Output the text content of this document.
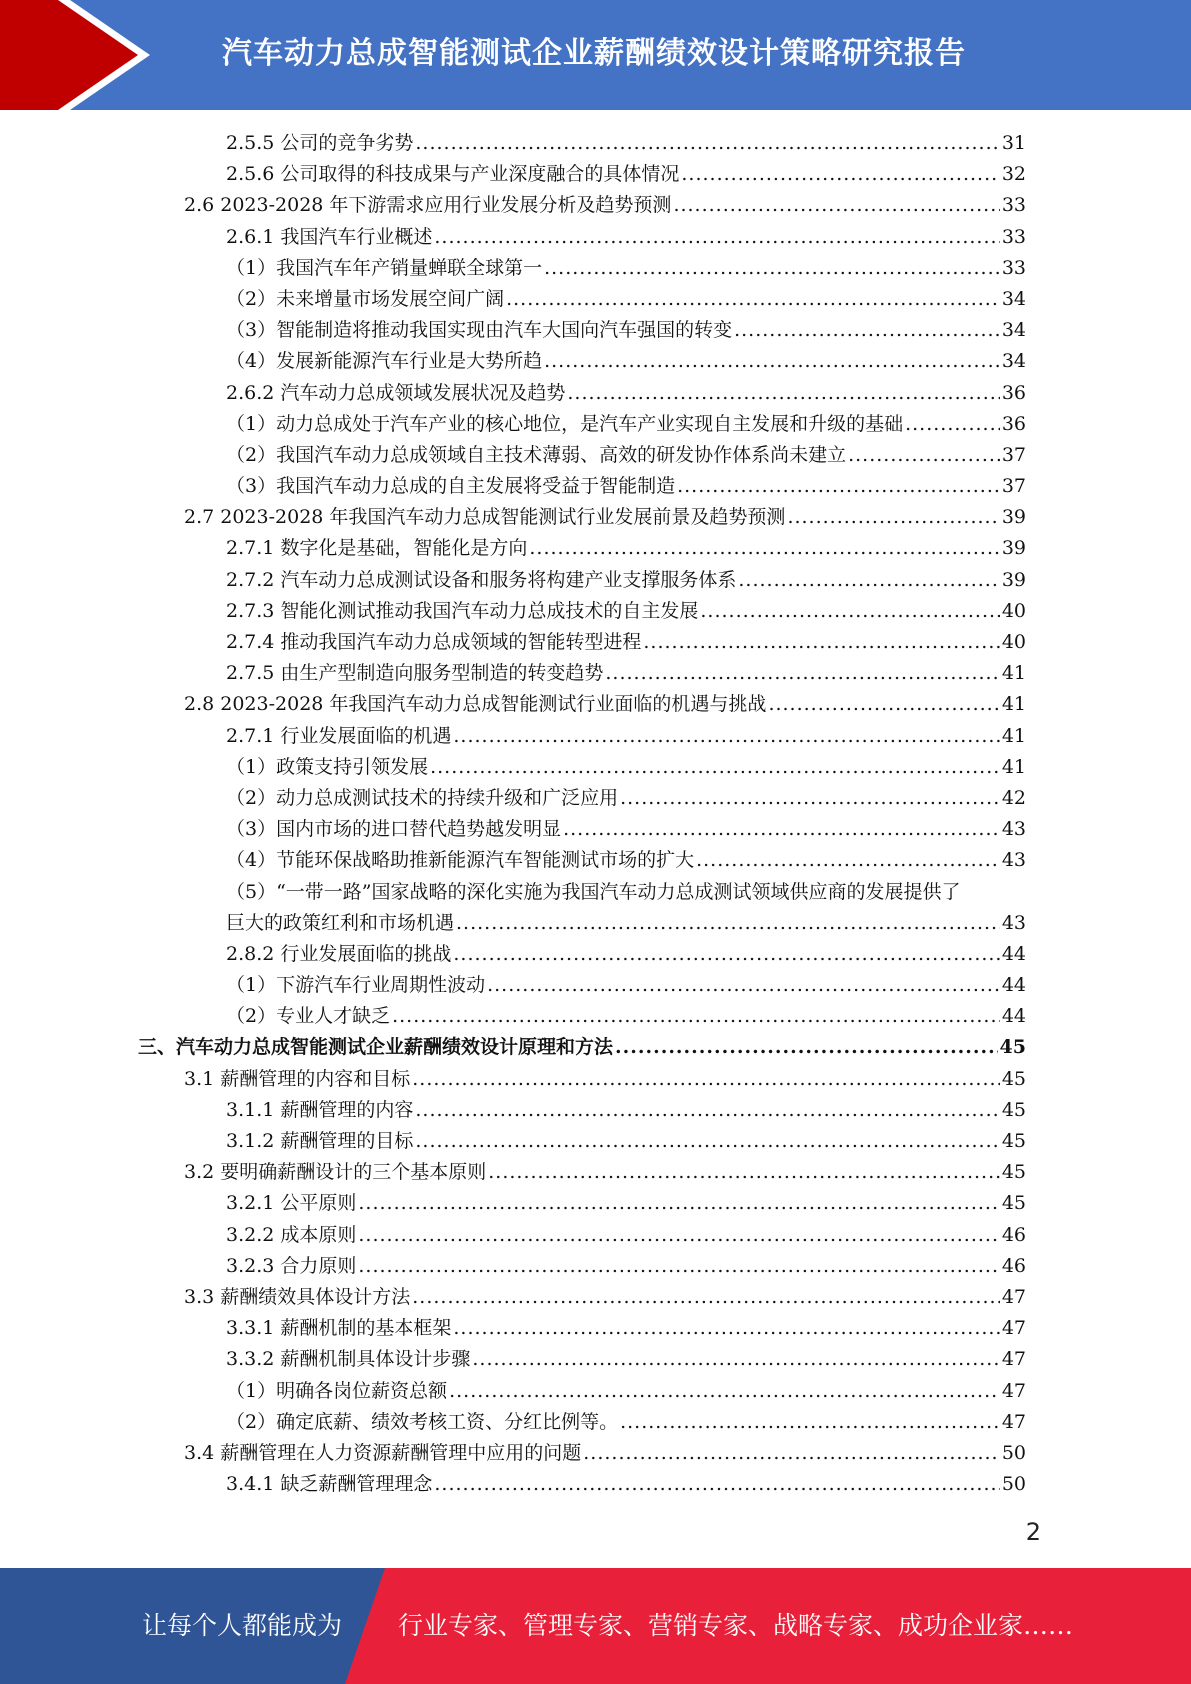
汽车动力总成智能测试企业薪酬绩效设计策略研究报告
2.5.5 公司的竞争劣势 .....	31
2.5.6 公司取得的科技成果与产业深度融合的具体情况 .....	32
2.6 2023-2028 年下游需求应用行业发展分析及趋势预测 .....	33
2.6.1 我国汽车行业概述 .....	33
（1）我国汽车年产销量蝉联全球第一 .....	33
（2）未来增量市场发展空间广阔 .....	34
（3）智能制造将推动我国实现由汽车大国向汽车强国的转变 .....	34
（4）发展新能源汽车行业是大势所趋 .....	34
2.6.2 汽车动力总成领域发展状况及趋势 .....	36
（1）动力总成处于汽车产业的核心地位，是汽车产业实现自主发展和升级的基础 .....	36
（2）我国汽车动力总成领域自主技术薄弱、高效的研发协作体系尚未建立 .....	37
（3）我国汽车动力总成的自主发展将受益于智能制造 .....	37
2.7 2023-2028 年我国汽车动力总成智能测试行业发展前景及趋势预测 .....	39
2.7.1 数字化是基础，智能化是方向 .....	39
2.7.2 汽车动力总成测试设备和服务将构建产业支撑服务体系 .....	39
2.7.3 智能化测试推动我国汽车动力总成技术的自主发展 .....	40
2.7.4 推动我国汽车动力总成领域的智能转型进程 .....	40
2.7.5 由生产型制造向服务型制造的转变趋势 .....	41
2.8 2023-2028 年我国汽车动力总成智能测试行业面临的机遇与挑战 .....	41
2.7.1 行业发展面临的机遇 .....	41
（1）政策支持引领发展 .....	41
（2）动力总成测试技术的持续升级和广泛应用 .....	42
（3）国内市场的进口替代趋势越发明显 .....	43
（4）节能环保战略助推新能源汽车智能测试市场的扩大 .....	43
（5）“一带一路”国家战略的深化实施为我国汽车动力总成测试领域供应商的发展提供了
巨大的政策红利和市场机遇 .....	43
2.8.2 行业发展面临的挑战 .....	44
（1）下游汽车行业周期性波动 .....	44
（2）专业人才缺乏 .....	44
三、汽车动力总成智能测试企业薪酬绩效设计原理和方法 .....	45
3.1 薪酬管理的内容和目标 .....	45
3.1.1 薪酬管理的内容 .....	45
3.1.2 薪酬管理的目标 .....	45
3.2 要明确薪酬设计的三个基本原则 .....	45
3.2.1 公平原则 .....	45
3.2.2 成本原则 .....	46
3.2.3 合力原则 .....	46
3.3 薪酬绩效具体设计方法 .....	47
3.3.1 薪酬机制的基本框架 .....	47
3.3.2 薪酬机制具体设计步骤 .....	47
（1）明确各岗位薪资总额 .....	47
（2）确定底薪、绩效考核工资、分红比例等。 .....	47
3.4 薪酬管理在人力资源薪酬管理中应用的问题 .....	50
3.4.1 缺乏薪酬管理理念 .....	50
2
让每个人都能成为 行业专家、管理专家、营销专家、战略专家、成功企业家……
